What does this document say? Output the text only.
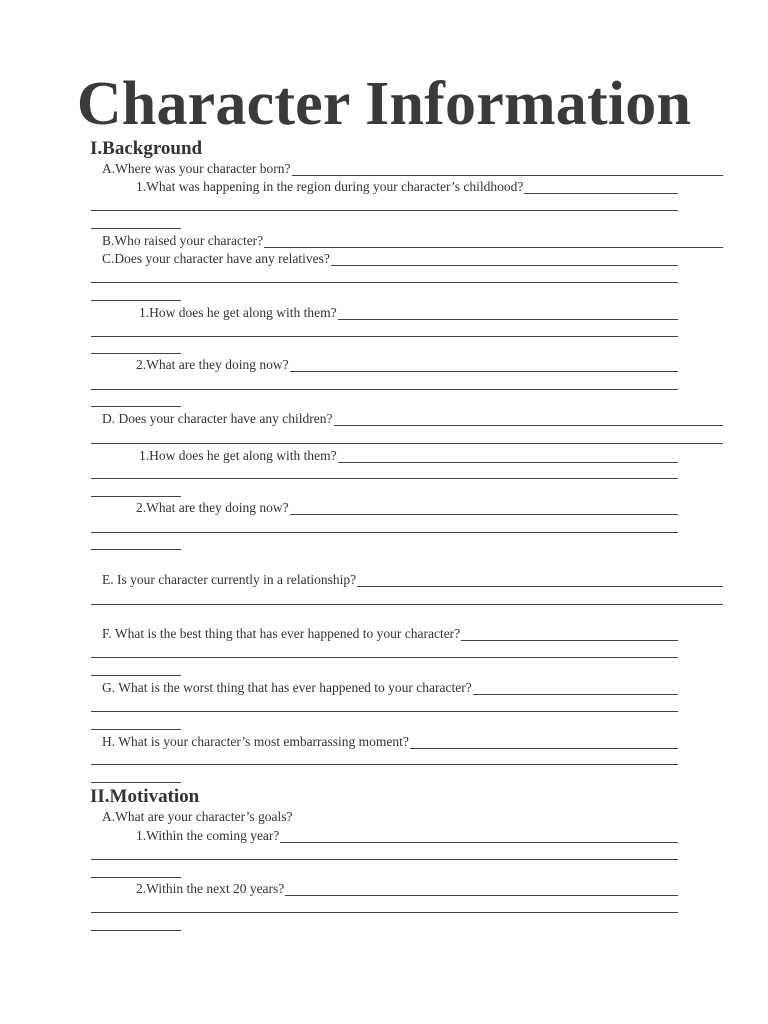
Character Information
I.Background
A.Where was your character born?
1.What was happening in the region during your character’s childhood?
B.Who raised your character?
C.Does your character have any relatives?
1.How does he get along with them?
2.What are they doing now?
D. Does your character have any children?
1.How does he get along with them?
2.What are they doing now?
E. Is your character currently in a relationship?
F. What is the best thing that has ever happened to your character?
G. What is the worst thing that has ever happened to your character?
H. What is your character’s most embarrassing moment?
II.Motivation
A.What are your character’s goals?
1.Within the coming year?
2.Within the next 20 years?
